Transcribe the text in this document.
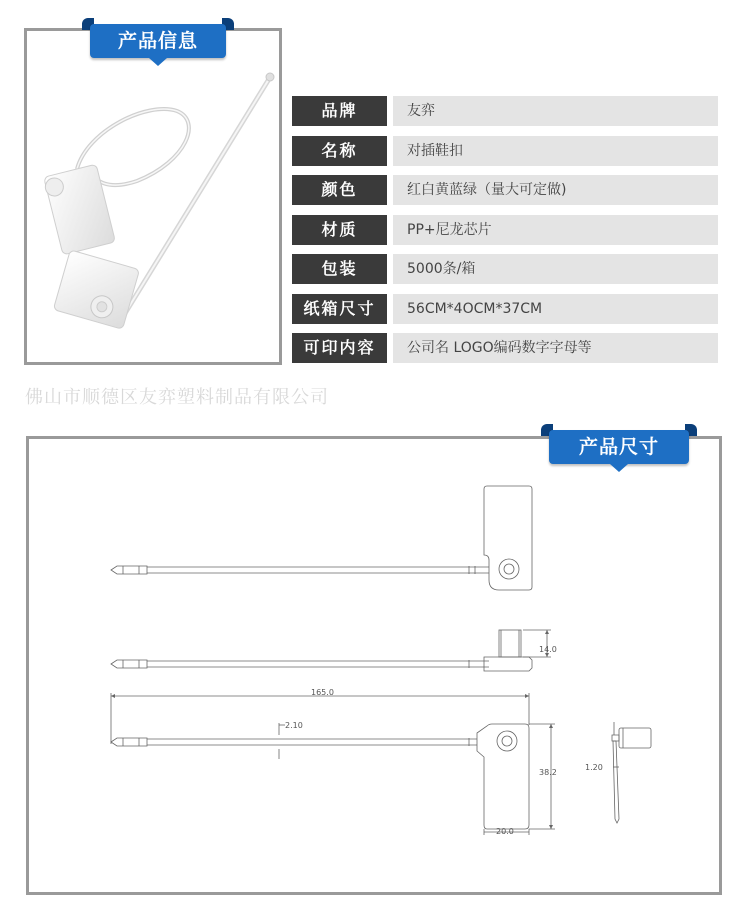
产品信息
品牌	友弈
名称	对插鞋扣
颜色	红白黄蓝绿（量大可定做)
材质	PP+尼龙芯片
包装	5000条/箱
纸箱尺寸	56CM*4OCM*37CM
可印内容	公司名 LOGO编码数字字母等
佛山市顺德区友弈塑料制品有限公司
14.0
165.0
2.10
38.2
20.0
1.20
产品尺寸
